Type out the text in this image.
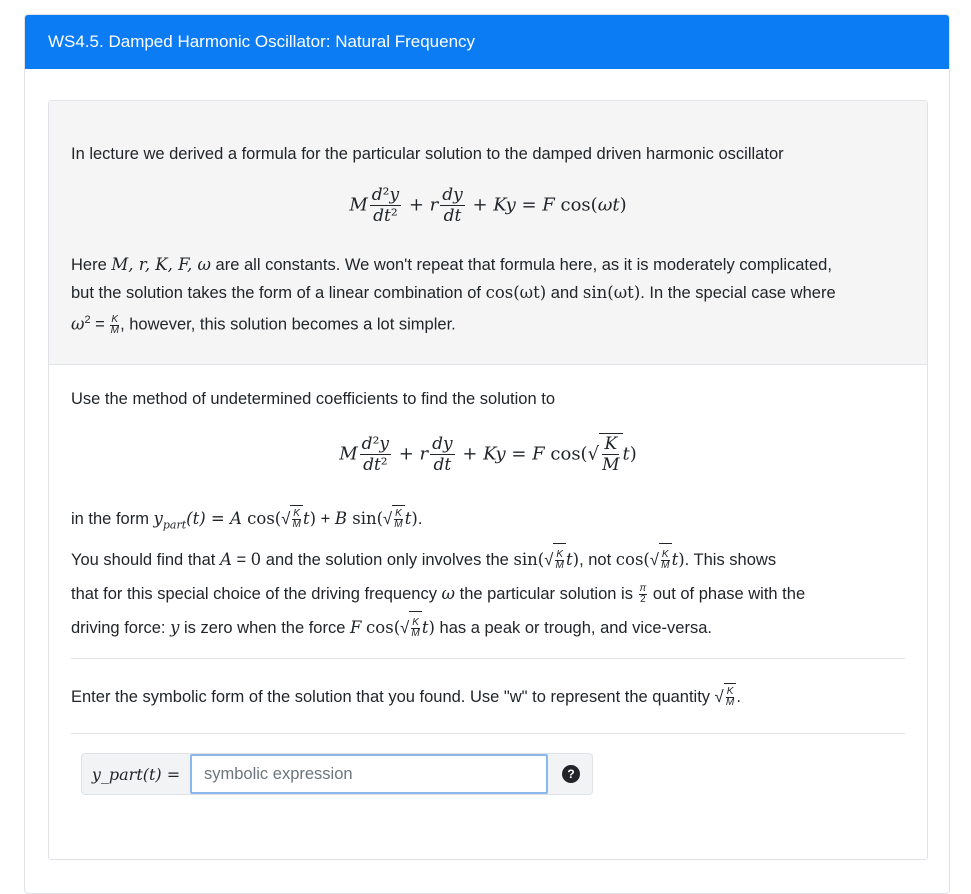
WS4.5. Damped Harmonic Oscillator: Natural Frequency
In lecture we derived a formula for the particular solution to the damped driven harmonic oscillator
M $\frac{\text{d²y}}{\text{dt²}} + r \frac{dy}{dt} + Ky = F$ cos(ωt)
Here M, r, K, F, ω are all constants. We won't repeat that formula here, as it is moderately complicated,
but the solution takes the form of a linear combination of cos(ωt) and sin(ωt). In the special case where
$\omega^2 = \frac{K}{M}$ , however, this solution becomes a lot simpler.
Use the method of undetermined coefficients to find the solution to
M $\frac{\text{d²y}}{\text{dt²}} + r \frac{dy}{dt} + Ky = F$ $\cos(√ \frac{K}{M} t)$
in the form $y_{part}(t) = A$ $\cos(√ \frac{K}{M} t) + B$ $\sin(√ \frac{K}{M} t)$.
You should find that A = 0 and the solution only involves the $\sin(√ \frac{K}{M} t)$, not $\cos(√ \frac{K}{M} t)$. This shows
that for this special choice of the driving frequency ω the particular solution is $\frac{\pi}{2}$ out of phase with the
driving force: y is zero when the force F $\cos(√ \frac{K}{M} t)$ has a peak or trough, and vice-versa.
Enter the symbolic form of the solution that you found. Use "w" to represent the quantity √ $\frac{K}{M}$ .
y_part(t) =
symbolic expression	?
